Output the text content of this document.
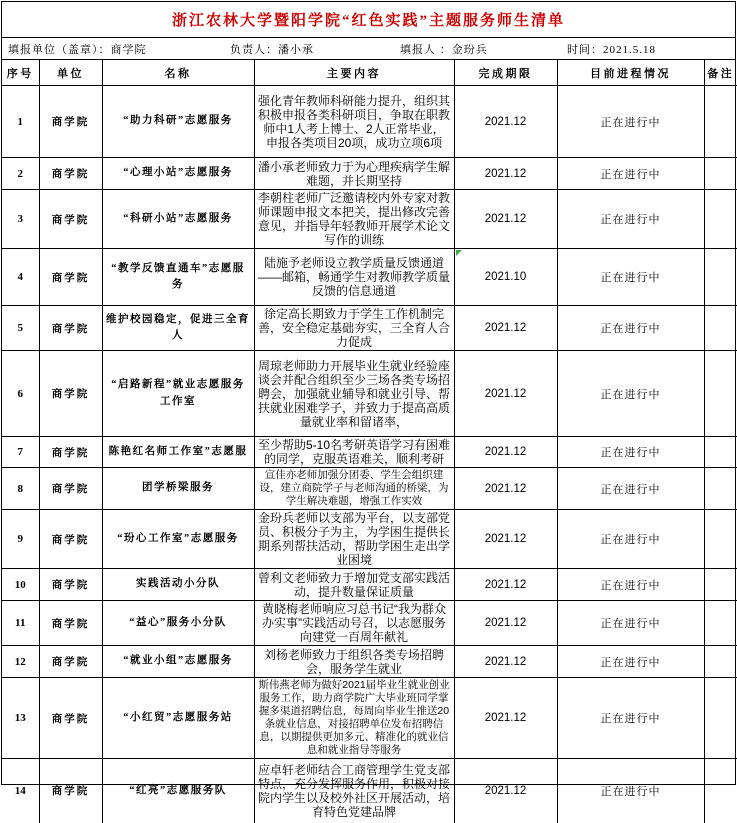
浙江农林大学暨阳学院“红色实践”主题服务师生清单
填报单位（盖章）：商学院	负责人：潘小承	填报人 ：金玢兵	时间：2021.5.18
序号	单位	名称	主要内容	完成期限	目前进程情况	备注
1	商学院	“助力科研”志愿服务	强化青年教师科研能力提升，组织其积极申报各类科研项目，争取在职教师中1人考上博士、2人正常毕业，申报各类项目20项，成功立项6项	2021.12	正在进行中	
2	商学院	“心理小站”志愿服务	潘小承老师致力于为心理疾病学生解难题，并长期坚持	2021.12	正在进行中	
3	商学院	“科研小站”志愿服务	李朝柱老师广泛邀请校内外专家对教师课题申报文本把关，提出修改完善意见，并指导年轻教师开展学术论文写作的训练	2021.12	正在进行中	
4	商学院	“教学反馈直通车”志愿服务	陆施予老师设立教学质量反馈通道——邮箱，畅通学生对教师教学质量反馈的信息通道	2021.10	正在进行中	
5	商学院	维护校园稳定，促进三全育人	徐定高长期致力于学生工作机制完善，安全稳定基础夯实，三全育人合力促成	2021.12	正在进行中	
6	商学院	“启路新程”就业志愿服务工作室	周琼老师助力开展毕业生就业经验座谈会并配合组织至少三场各类专场招聘会，加强就业辅导和就业引导、帮扶就业困难学子，并致力于提高高质量就业率和留诸率，	2021.12	正在进行中	
7	商学院	陈艳红名师工作室”志愿服	至少帮助5-10名考研英语学习有困难的同学，克服英语难关，顺利考研	2021.12	正在进行中	
8	商学院	团学桥梁服务	宣佳亦老师加强分团委、学生会组织建设，建立商院学子与老师沟通的桥梁，为学生解决难题，增强工作实效	2021.12	正在进行中	
9	商学院	“玢心工作室”志愿服务	金玢兵老师以支部为平台，以支部党员、积极分子为主，为学困生提供长期系列帮扶活动，帮助学困生走出学业困境	2021.12	正在进行中	
10	商学院	实践活动小分队	曾利文老师致力于增加党支部实践活动，提升数量保证质量	2021.12	正在进行中	
11	商学院	“益心”服务小分队	黄晓梅老师响应习总书记“我为群众办实事”实践活动号召，以志愿服务向建党一百周年献礼	2021.12	正在进行中	
12	商学院	“就业小组”志愿服务	刘杨老师致力于组织各类专场招聘会，服务学生就业	2021.12	正在进行中	
13	商学院	“小红贸”志愿服务站	斯伟燕老师为做好2021届毕业生就业创业服务工作，助力商学院广大毕业班同学掌握多渠道招聘信息，每周向毕业生推送20条就业信息，对接招聘单位发布招聘信息，以期提供更加多元、精准化的就业信息和就业指导等服务	2021.12	正在进行中	
14	商学院	“红亮”志愿服务队	应卓轩老师结合工商管理学生党支部特点，充分发挥服务作用，积极对接院内学生以及校外社区开展活动，培育特色党建品牌	2021.12	正在进行中	
